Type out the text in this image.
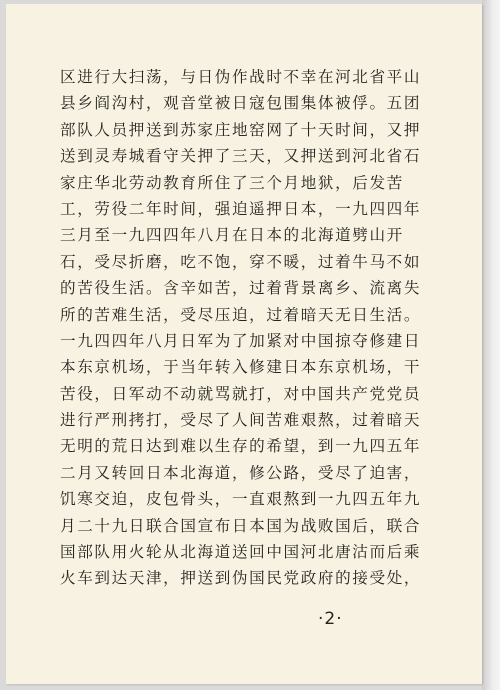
区进行大扫荡，与日伪作战时不幸在河北省平山
县乡阎沟村，观音堂被日寇包围集体被俘。五团
部队人员押送到苏家庄地窑网了十天时间，又押
送到灵寿城看守关押了三天，又押送到河北省石
家庄华北劳动教育所住了三个月地狱，后发苦
工，劳役二年时间，强迫遥押日本，一九四四年
三月至一九四四年八月在日本的北海道劈山开
石，受尽折磨，吃不饱，穿不暖，过着牛马不如
的苦役生活。含辛如苦，过着背景离乡、流离失
所的苦难生活，受尽压迫，过着暗天无日生活。
一九四四年八月日军为了加紧对中国掠夺修建日
本东京机场，于当年转入修建日本东京机场，干
苦役，日军动不动就骂就打，对中国共产党党员
进行严刑拷打，受尽了人间苦难艰熬，过着暗天
无明的荒日达到难以生存的希望，到一九四五年
二月又转回日本北海道，修公路，受尽了迫害，
饥寒交迫，皮包骨头，一直艰熬到一九四五年九
月二十九日联合国宣布日本国为战败国后，联合
国部队用火轮从北海道送回中国河北唐沽而后乘
火车到达天津，押送到伪国民党政府的接受处，
·2·
